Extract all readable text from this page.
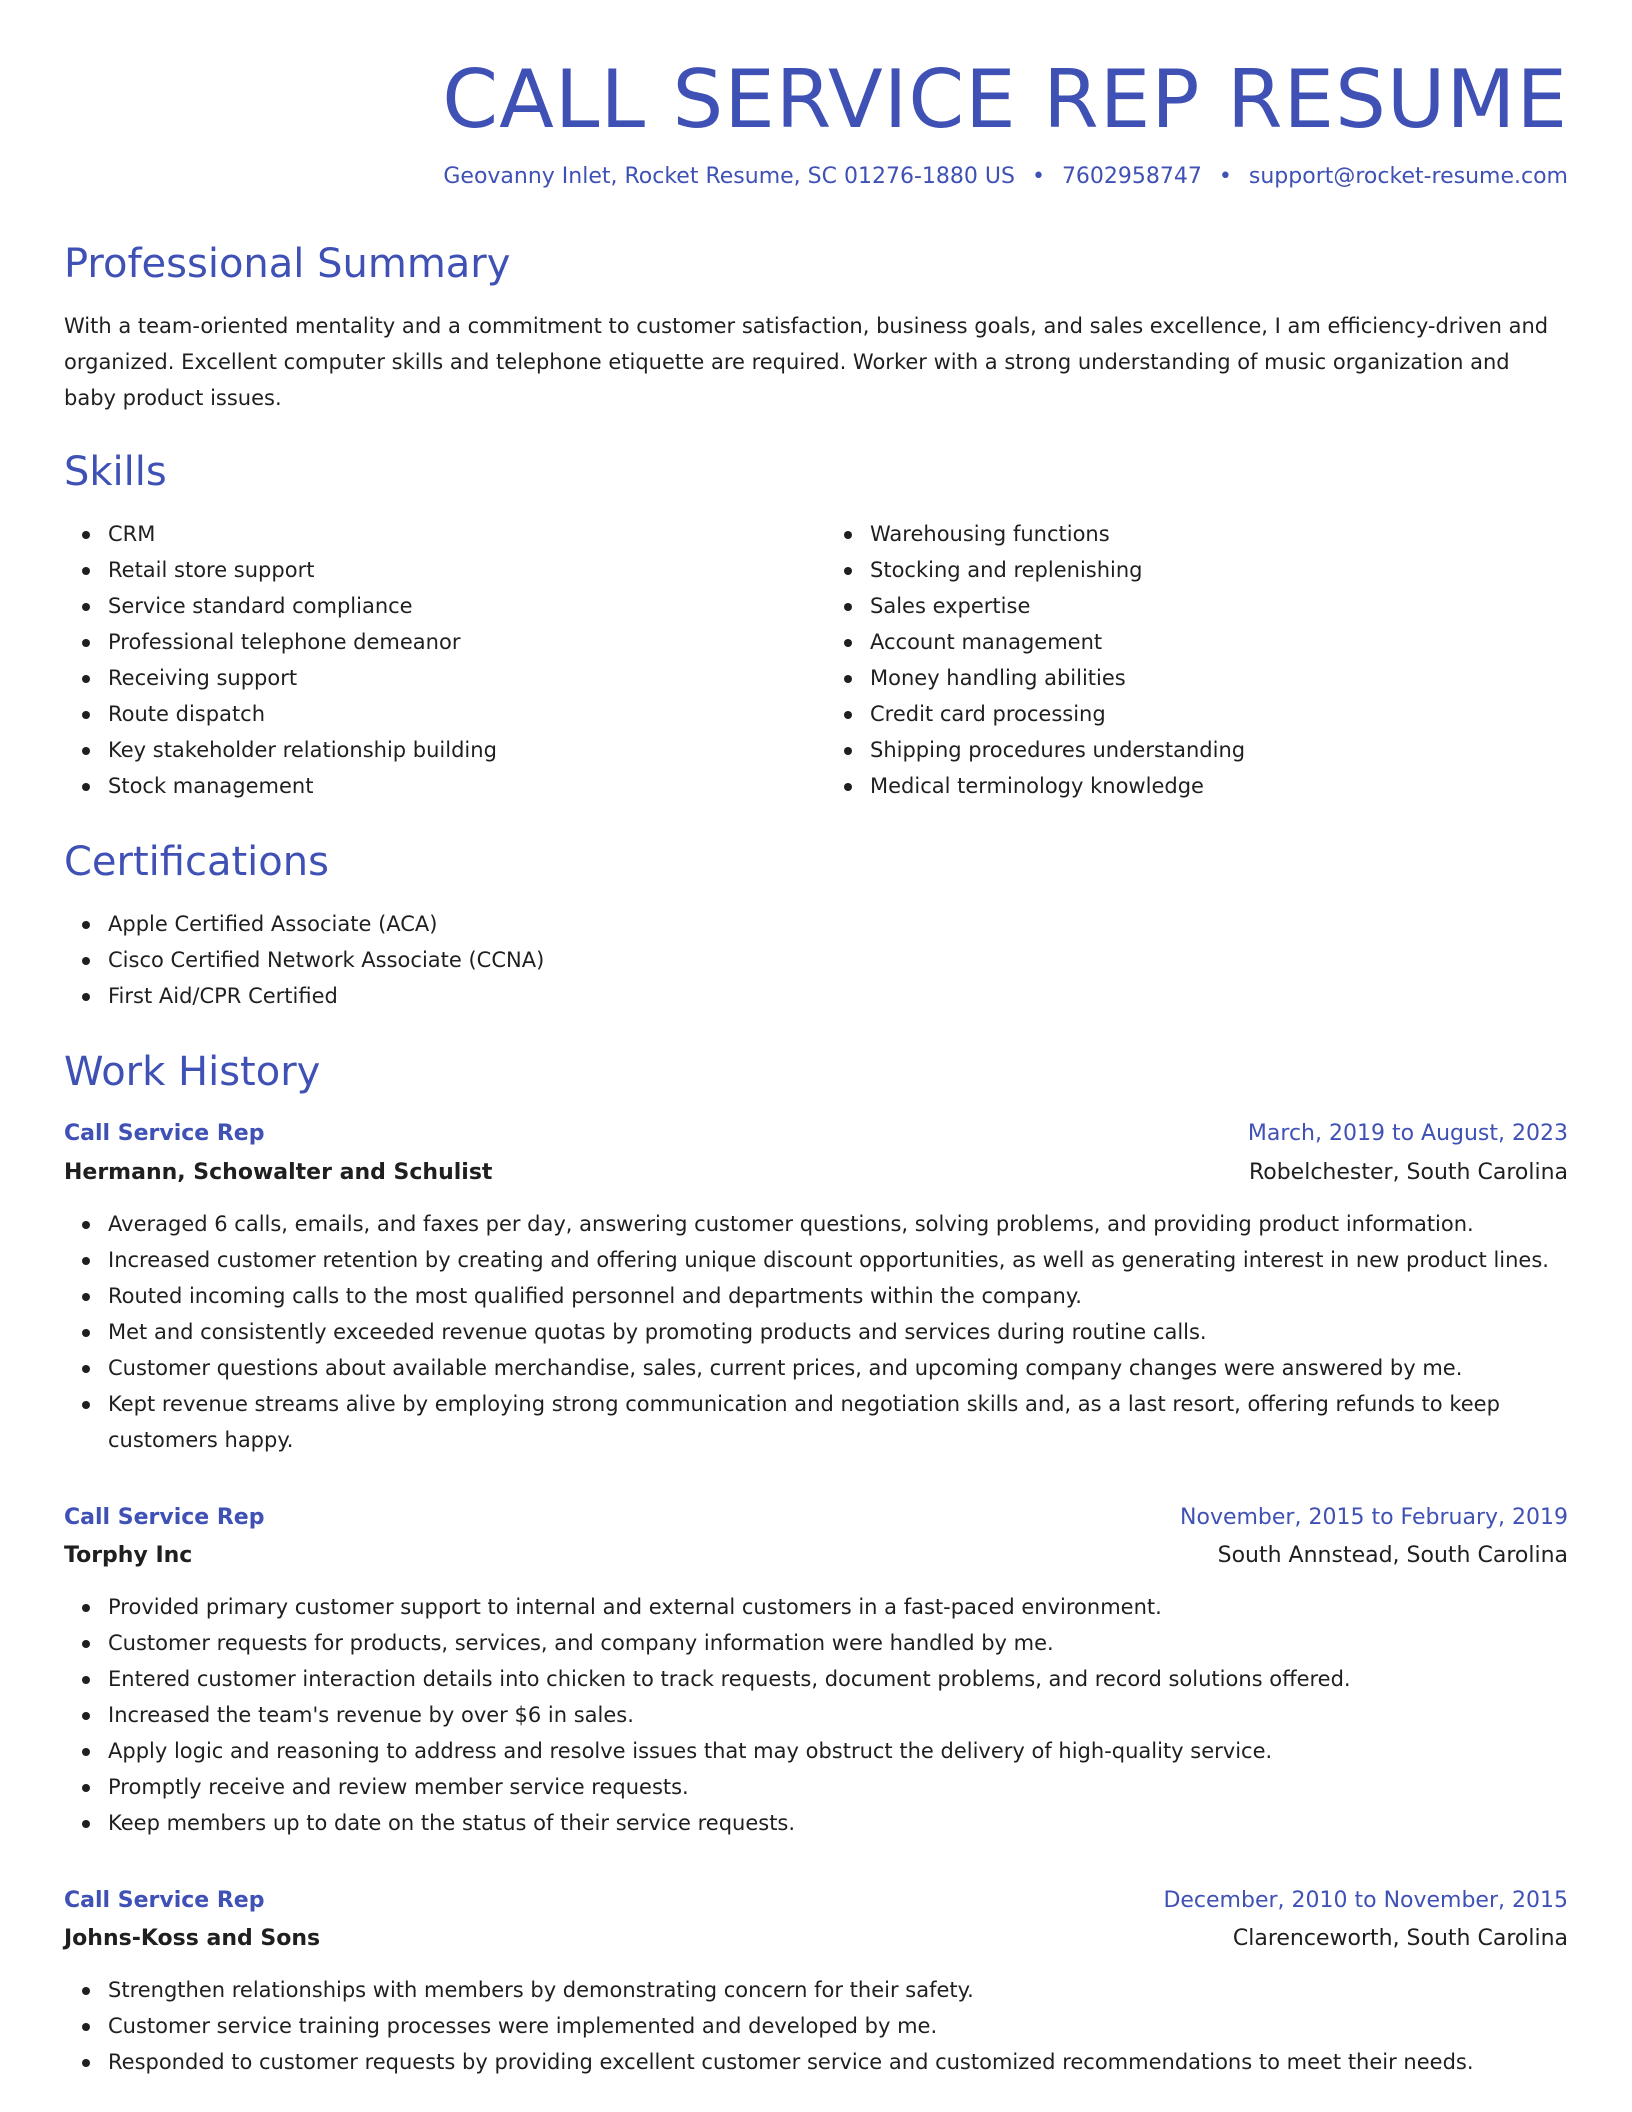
CALL SERVICE REP RESUME
Geovanny Inlet, Rocket Resume, SC 01276-1880 US • 7602958747 • support@rocket-resume.com
Professional Summary

With a team-oriented mentality and a commitment to customer satisfaction, business goals, and sales excellence, I am efficiency-driven and organized. Excellent computer skills and telephone etiquette are required. Worker with a strong understanding of music organization and baby product issues.

Skills
CRM
Retail store support
Service standard compliance
Professional telephone demeanor
Receiving support
Route dispatch
Key stakeholder relationship building
Stock management
Warehousing functions
Stocking and replenishing
Sales expertise
Account management
Money handling abilities
Credit card processing
Shipping procedures understanding
Medical terminology knowledge
Certifications
Apple Certified Associate (ACA)
Cisco Certified Network Associate (CCNA)
First Aid/CPR Certified
Work History
Call Service Rep	March, 2019 to August, 2023
Hermann, Schowalter and Schulist	Robelchester, South Carolina
Averaged 6 calls, emails, and faxes per day, answering customer questions, solving problems, and providing product information.
Increased customer retention by creating and offering unique discount opportunities, as well as generating interest in new product lines.
Routed incoming calls to the most qualified personnel and departments within the company.
Met and consistently exceeded revenue quotas by promoting products and services during routine calls.
Customer questions about available merchandise, sales, current prices, and upcoming company changes were answered by me.
Kept revenue streams alive by employing strong communication and negotiation skills and, as a last resort, offering refunds to keep customers happy.
Call Service Rep	November, 2015 to February, 2019
Torphy Inc	South Annstead, South Carolina
Provided primary customer support to internal and external customers in a fast-paced environment.
Customer requests for products, services, and company information were handled by me.
Entered customer interaction details into chicken to track requests, document problems, and record solutions offered.
Increased the team's revenue by over $6 in sales.
Apply logic and reasoning to address and resolve issues that may obstruct the delivery of high-quality service.
Promptly receive and review member service requests.
Keep members up to date on the status of their service requests.
Call Service Rep	December, 2010 to November, 2015
Johns-Koss and Sons	Clarenceworth, South Carolina
Strengthen relationships with members by demonstrating concern for their safety.
Customer service training processes were implemented and developed by me.
Responded to customer requests by providing excellent customer service and customized recommendations to meet their needs.
